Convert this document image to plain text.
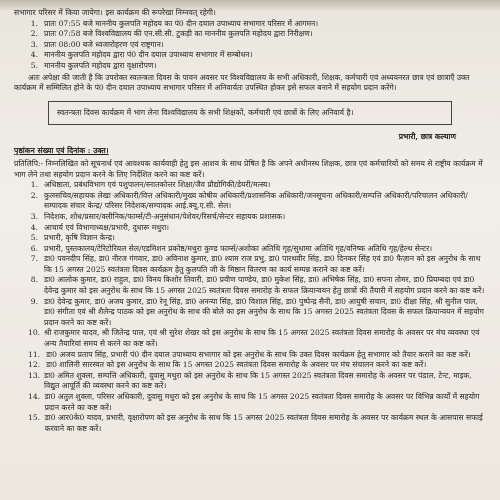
सभागार परिसर में किया जायेगा। इस कार्यक्रम की रूपरेखा निम्नवत् रहेगी।

1. प्रातः 07:55 बजे माननीय कुलपति महोदय का पं0 दीन दयाल उपाध्याय सभागार परिसर में आगमन।
2. प्रातः 07:58 बजे विश्वविद्यालय की एन.सी.सी. टुकड़ी का माननीय कुलपति महोदय द्वारा निरीक्षण।
3. प्रातः 08:00 बजे ध्वजारोहरण एवं राष्ट्रगान।
4. माननीय कुलपति महोदय द्वारा पं0 दीन दयाल उपाध्याय सभागार में सम्बोधन।
5. माननीय कुलपति महोदय द्वारा वृक्षारोपण।

अतः अपेक्षा की जाती है कि उपरोक्त स्वतन्त्रता दिवस के पावन अवसर पर विश्वविद्यालय के सभी अधिकारी, शिक्षक, कर्मचारी एवं अध्ययनरत छात्र एवं छात्राएँ उक्त कार्यक्रम में सम्मिलित होने के पं0 दीन दयाल उपाध्याय सभागार परिसर में अनिवार्यतः उपस्थित होकर इसे सफल बनाने में सहयोग प्रदान करेंगे।

स्वतन्त्रता दिवस कार्यक्रम में भाग लेना विश्वविद्यालय के सभी शिक्षकों, कर्मचारी एवं छात्रों के लिए अनिवार्य है।
प्रभारी, छात्र कल्याण
पृष्ठांकन संख्या एवं दिनांक : उक्त।

प्रतिलिपि:- निम्नलिखित को सूचनार्थ एवं आवश्यक कार्यवाही हेतु इस आशय के साथ प्रेषित है कि अपने अधीनस्थ शिक्षक, छात्र एवं कर्मचारियों को समय से राष्ट्रीय कार्यक्रम में भाग लेने तथा सहयोग प्रदान करने के लिए निर्देशित करने का कष्ट करें।

1. अधिष्ठाता, प्रबंधविभाग एवं पशुपालन/स्नातकोत्तर शिक्षा/जैव प्रौद्योगिकी/डेयरी/मत्स्य।
2. कुलसचिव/सहायक लेखा अधिकारी/वित्त अधिकारी/मुख्य कोषीय अधिकारी/प्रशासनिक अधिकारी/जनसूचना अधिकारी/सम्पत्ति अधिकारी/परिचालन अधिकारी/सम्पादक संचार केन्द्र/ परिसर निदेशक/सम्पादक आई.क्यू.ए.सी. सेल।
3. निदेशक, शोध/प्रसार/क्लीनिक/फार्म्स/टी-अनुसंधान/पेशेवर/रिसर्च/सेन्टर सहायक प्रशासक।
4. आचार्य एवं विभागाध्यक्ष/प्रभारी, दुधारू मथुरा।
5. प्रभारी, कृषि विज्ञान केन्द्र।
6. प्रभारी, पुस्तकालय/टेरिटोरियल सेल/एडमिशन प्रकोष्ठ/मथुरा कुण्ड फार्म्स/अशोका अतिथि गृह/सुधामा अतिथि गृह/वनिष्क अतिथि गृह/हेल्थ सेन्टर।
7. डा0 पवनदीप सिंह, डा0 नीरज गंगवार, डा0 अविनाश कुमार, डा0 श्याम राज प्रभु, डा0 पारथवीर सिंह, डा0 दिनकर सिंह एवं डा0 फैज़ान को इस अनुरोध के साथ कि 15 अगस्त 2025 स्वतंत्रता दिवस कार्यक्रम हेतु कुलपति जी के मिष्ठान वितरण का कार्य सम्पन्न कराने का कष्ट करें।
8. डा0 आलोक कुमार, डा0 राहुल, डा0 विनय किशोर तिवारी, डा0 प्रवीण पाण्डेय, डा0 मुकेश सिंह, डा0 अभिषेक सिंह, डा0 सपना तोमर, डा0 प्रियम्बदा एवं डा0 देवेन्द्र कुमार को इस अनुरोध के साथ कि 15 अगस्त 2025 स्वतंत्रता दिवस समारोह के सफल क्रियान्वयन हेतु छात्रों की तैयारी में सहयोग प्रदान करने का कष्ट करें।
9. डा0 देवेन्द्र कुमार, डा0 अजय कुमार, डा0 रेनू सिंह, डा0 अनन्या सिंह, डा0 विशाल सिंह, डा0 पुष्पेन्द्र सैनी, डा0 आयुषी सचान, डा0 दीक्षा सिंह, श्री सुनील पाल, डा0 संगीता एवं श्री शैलेन्द्र पाठक को इस अनुरोध के साथ की बोले का इस अनुरोध के साथ कि 15 अगस्त 2025 स्वतंत्रता दिवस के सफल क्रियान्वयन में सहयोग प्रदान करने का कष्ट करें।
10. श्री राजकुमार यादव, श्री जितेन्द्र पाल, एवं श्री सुरेश शेखर को इस अनुरोध के साथ कि 15 अगस्त 2025 स्वतंत्रता दिवस समारोह के अवसर पर मंच व्यवस्था एवं अन्य तैयारियां समय से करने का कष्ट करें।
11. डा0 अजय प्रताप सिंह, प्रभारी पं0 दीन दयाल उपाध्याय सभागार को इस अनुरोध के साथ कि उक्त दिवस कार्यक्रम हेतु सभागार को तैयार कराने का कष्ट करें।
12. डा0 शालिनी सारस्वत को इस अनुरोध के साथ कि 15 अगस्त 2025 स्वतंत्रता दिवस समारोह के अवसर पर मंच संचालन करने का कष्ट करें।
13. डा0 अमित शुक्ला, सम्पत्ति अधिकारी, दुवासु मथुरा को इस अनुरोध के साथ कि 15 अगस्त 2025 स्वतंत्रता दिवस समारोह के अवसर पर पंडाल, टेन्ट, माइक, विद्युत आपूर्ति की व्यवस्था करने का कष्ट करें।
14. डा0 अतुल शुक्ला, परिसर अधिकारी, दुवासु मथुरा को इस अनुरोध के साथ कि 15 अगस्त 2025 स्वतंत्रता दिवस समारोह के अवसर पर विभिन्न कार्यों में सहयोग प्रदान करने का कष्ट करें।
15. डा0 आर0के0 यादव, प्रभारी, वृक्षारोपण को इस अनुरोध के साथ कि 15 अगस्त 2025 स्वतंत्रता दिवस समारोह के अवसर पर कार्यक्रम स्थल के आसपास सफाई करवाने का कष्ट करें।
